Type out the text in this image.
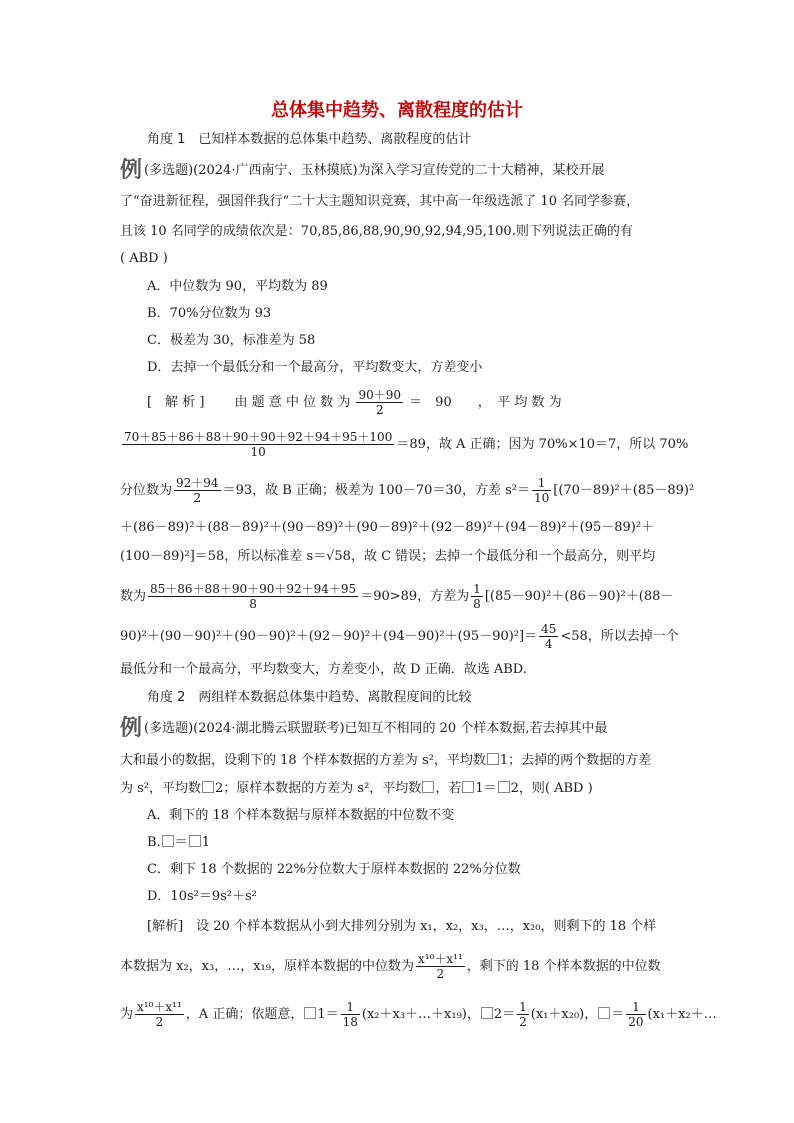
总体集中趋势、离散程度的估计
角度 1　已知样本数据的总体集中趋势、离散程度的估计
例 (多选题)(2024·广西南宁、玉林摸底)为深入学习宣传党的二十大精神，某校开展
了“奋进新征程，强国伴我行”二十大主题知识竞赛，其中高一年级选派了 10 名同学参赛，
且该 10 名同学的成绩依次是：70,85,86,88,90,90,92,94,95,100.则下列说法正确的有
( ABD )
A．中位数为 90，平均数为 89
B．70%分位数为 93
C．极差为 30，标准差为 58
D．去掉一个最低分和一个最高分，平均数变大，方差变小
[　解 析 ]　　 由 题 意 中 位 数 为 $\frac{90+90}{2}$ ＝　90　　，　平 均 数 为
$\frac{70+85+86+88+90+90+92+94+95+100}{10} =89$，故 A 正确；因为 70%×10＝7，所以 70%
分位数为 $\frac{92+94}{2} =93$，故 B 正确；极差为 100－70＝30，方差 $s^2= \frac{1}{10} [(70-89)^2+(85-89)^2$
＋(86－89)²＋(88－89)²＋(90－89)²＋(90－89)²＋(92－89)²＋(94－89)²＋(95－89)²＋
(100－89)²]＝58，所以标准差 s＝√58，故 C 错误；去掉一个最低分和一个最高分，则平均
数为 $\frac{85+86+88+90+90+92+94+95}{8} =90>89$，方差为 $\frac{1}{8} [(85-90)^2+(86-90)^2+(88-$
$90)^2+(90-90)^2+(90-90)^2+(92-90)^2+(94-90)^2+(95-90)^2]= \frac{45}{4} <58$，所以去掉一个
最低分和一个最高分，平均数变大，方差变小，故 D 正确．故选 ABD.
角度 2　两组样本数据总体集中趋势、离散程度间的比较
例 (多选题)(2024·湖北腾云联盟联考)已知互不相同的 20 个样本数据,若去掉其中最
大和最小的数据，设剩下的 18 个样本数据的方差为 s²，平均数 1；去掉的两个数据的方差
为 s²，平均数 2；原样本数据的方差为 s²，平均数 ，若 1＝ 2，则( ABD )
A．剩下的 18 个样本数据与原样本数据的中位数不变
B. ＝ 1
C．剩下 18 个数据的 22%分位数大于原样本数据的 22%分位数
D．10s²＝9s²＋s²
[解析]　设 20 个样本数据从小到大排列分别为 x₁，x₂，x₃，…，x₂₀，则剩下的 18 个样
本数据为 x₂，x₃，…，x₁₉，原样本数据的中位数为 $\frac{\text{x¹⁰＋x¹¹}}{2}$ ，剩下的 18 个样本数据的中位数
为 $\frac{\text{x¹⁰＋x¹¹}}{2}$ ，A 正确；依题意， $1= \frac{1}{18}$ (x₂＋x₃＋…＋x₁₉)， $2= \frac{1}{2} (x_1+x_{20})$， ＝ $\frac{1}{20}$ (x₁＋x₂＋…
